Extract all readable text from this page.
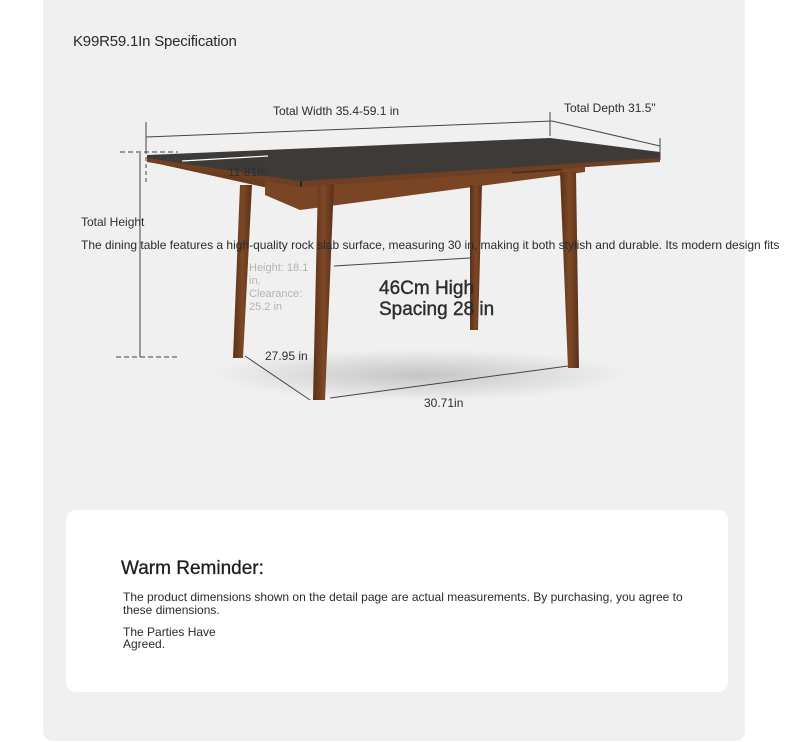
K99R59.1In Specification
Total Width 35.4-59.1 in	Total Depth 31.5"
11.81In
Total Height
27.95 in
30.71in
The dining table features a high-quality rock slab surface, measuring 30 in, making it both stylish and durable. Its modern design fits
Height: 18.1
in,
Clearance:
25.2 in
46Cm High
Spacing 28 in
Warm Reminder:
The product dimensions shown on the detail page are actual measurements. By purchasing, you agree to these dimensions.
The Parties Have Agreed.
